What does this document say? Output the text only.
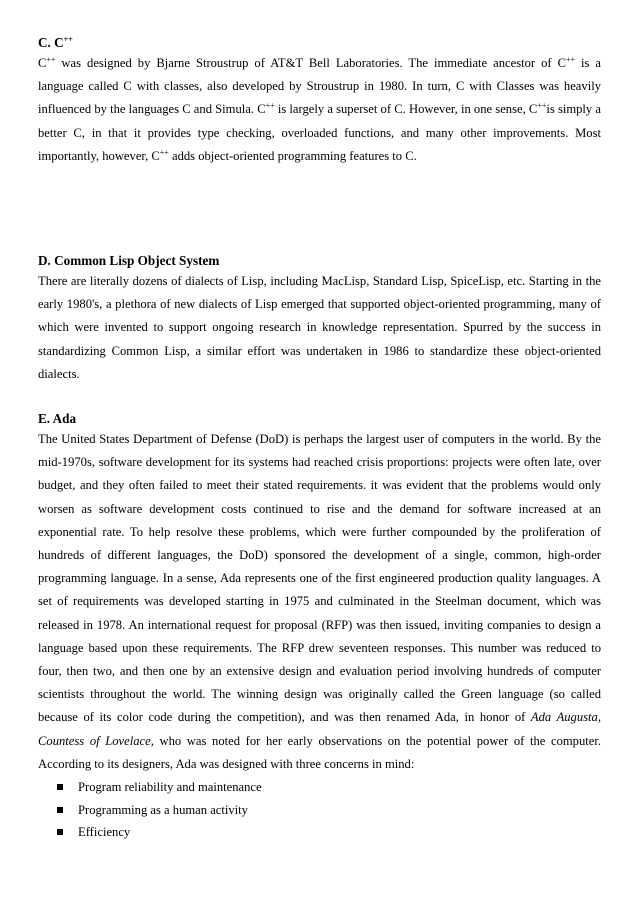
C. C++

C++ was designed by Bjarne Stroustrup of AT&T Bell Laboratories. The immediate ancestor of C++ is a language called C with classes, also developed by Stroustrup in 1980. In turn, C with Classes was heavily influenced by the languages C and Simula. C++ is largely a superset of C. However, in one sense, C++is simply a better C, in that it provides type checking, overloaded functions, and many other improvements. Most importantly, however, C++ adds object-oriented programming features to C.

D. Common Lisp Object System

There are literally dozens of dialects of Lisp, including MacLisp, Standard Lisp, SpiceLisp, etc. Starting in the early 1980's, a plethora of new dialects of Lisp emerged that supported object-oriented programming, many of which were invented to support ongoing research in knowledge representation. Spurred by the success in standardizing Common Lisp, a similar effort was undertaken in 1986 to standardize these object-oriented dialects.

E. Ada

The United States Department of Defense (DoD) is perhaps the largest user of computers in the world. By the mid-1970s, software development for its systems had reached crisis proportions: projects were often late, over budget, and they often failed to meet their stated requirements. it was evident that the problems would only worsen as software development costs continued to rise and the demand for software increased at an exponential rate. To help resolve these problems, which were further compounded by the proliferation of hundreds of different languages, the DoD) sponsored the development of a single, common, high-order programming language. In a sense, Ada represents one of the first engineered production quality languages. A set of requirements was developed starting in 1975 and culminated in the Steelman document, which was released in 1978. An international request for proposal (RFP) was then issued, inviting companies to design a language based upon these requirements. The RFP drew seventeen responses. This number was reduced to four, then two, and then one by an extensive design and evaluation period involving hundreds of computer scientists throughout the world. The winning design was originally called the Green language (so called because of its color code during the competition), and was then renamed Ada, in honor of Ada Augusta, Countess of Lovelace, who was noted for her early observations on the potential power of the computer. According to its designers, Ada was designed with three concerns in mind:

Program reliability and maintenance
Programming as a human activity
Efficiency
